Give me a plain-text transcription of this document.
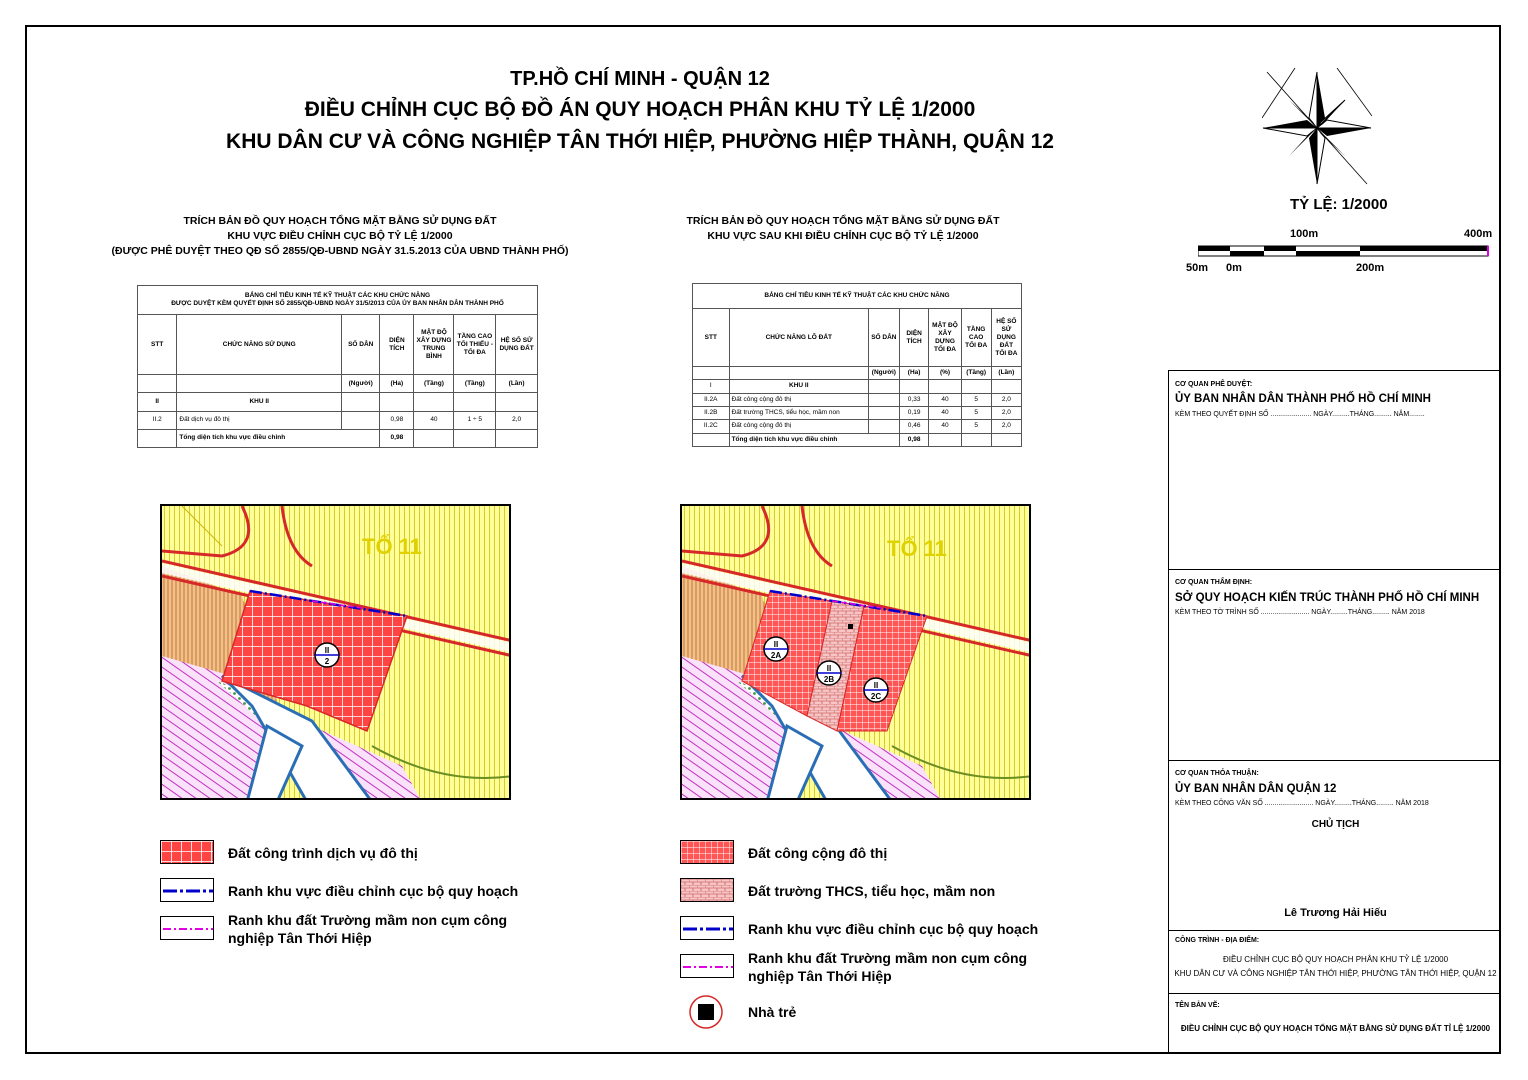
TP.HỒ CHÍ MINH - QUẬN 12
ĐIỀU CHỈNH CỤC BỘ ĐỒ ÁN QUY HOẠCH PHÂN KHU TỶ LỆ 1/2000
KHU DÂN CƯ VÀ CÔNG NGHIỆP TÂN THỚI HIỆP, PHƯỜNG HIỆP THÀNH, QUẬN 12
TỶ LỆ: 1/2000
100m	400m
50m 0m	200m
TRÍCH BẢN ĐỒ QUY HOẠCH TỔNG MẶT BẰNG SỬ DỤNG ĐẤT
KHU VỰC ĐIỀU CHỈNH CỤC BỘ TỶ LỆ 1/2000
(ĐƯỢC PHÊ DUYỆT THEO QĐ SỐ 2855/QĐ-UBND NGÀY 31.5.2013 CỦA UBND THÀNH PHỐ)
BẢNG CHỈ TIÊU KINH TẾ KỸ THUẬT CÁC KHU CHỨC NĂNG
ĐƯỢC DUYỆT KÈM QUYẾT ĐỊNH SỐ 2855/QĐ-UBND NGÀY 31/5/2013 CỦA ỦY BAN NHÂN DÂN THÀNH PHỐ						

STT	CHỨC NĂNG SỬ DỤNG	SỐ DÂN	DIỆN TÍCH	MẬT ĐỘ XÂY DỰNG TRUNG BÌNH	TẦNG CAO TỐI THIỂU - TỐI ĐA	HỆ SỐ SỬ DỤNG ĐẤT
		(Người)	(Ha)	(Tầng)	(Tầng)	(Lần)
II	KHU II					
II.2	Đất dịch vụ đô thị		0,98	40	1 ÷ 5	2,0
	Tổng diện tích khu vực điều chỉnh		0,98			
TRÍCH BẢN ĐỒ QUY HOẠCH TỔNG MẶT BẰNG SỬ DỤNG ĐẤT
KHU VỰC SAU KHI ĐIỀU CHỈNH CỤC BỘ TỶ LỆ 1/2000
BẢNG CHỈ TIÊU KINH TẾ KỸ THUẬT CÁC KHU CHỨC NĂNG						
STT	CHỨC NĂNG LÔ ĐẤT	SỐ DÂN	DIỆN TÍCH	MẬT ĐỘ XÂY DỰNG TỐI ĐA	TẦNG CAO TỐI ĐA	HỆ SỐ SỬ DỤNG ĐẤT TỐI ĐA
		(Người)	(Ha)	(%)	(Tầng)	(Lần)
I	KHU II					
II.2A	Đất công cộng đô thị		0,33	40	5	2,0
II.2B	Đất trường THCS, tiểu học, mầm non		0,19	40	5	2,0
II.2C	Đất công cộng đô thị		0,46	40	5	2,0
	Tổng diện tích khu vực điều chỉnh		0,98			
TỔ 11
II
2
TỔ 11
II
2A
II
2B
II
2C
Đất công trình dịch vụ đô thị
Ranh khu vực điều chỉnh cục bộ quy hoạch
Ranh khu đất Trường mầm non cụm công
nghiệp Tân Thới Hiệp
Đất công cộng đô thị
Đất trường THCS, tiểu học, mầm non
Ranh khu vực điều chỉnh cục bộ quy hoạch
Ranh khu đất Trường mầm non cụm công
nghiệp Tân Thới Hiệp
Nhà trẻ
CƠ QUAN PHÊ DUYỆT:
ỦY BAN NHÂN DÂN THÀNH PHỐ HỒ CHÍ MINH
KÈM THEO QUYẾT ĐỊNH SỐ ..................... NGÀY.........THÁNG......... NĂM........
CƠ QUAN THẨM ĐỊNH:
SỞ QUY HOẠCH KIẾN TRÚC THÀNH PHỐ HỒ CHÍ MINH
KÈM THEO TỜ TRÌNH SỐ ......................... NGÀY.........THÁNG......... NĂM 2018
CƠ QUAN THỎA THUẬN:
ỦY BAN NHÂN DÂN QUẬN 12
KÈM THEO CÔNG VĂN SỐ ......................... NGÀY.........THÁNG......... NĂM 2018
CHỦ TỊCH
Lê Trương Hải Hiếu
CÔNG TRÌNH - ĐỊA ĐIỂM:
ĐIỀU CHỈNH CỤC BỘ QUY HOẠCH PHÂN KHU TỶ LỆ 1/2000
KHU DÂN CƯ VÀ CÔNG NGHIỆP TÂN THỚI HIỆP, PHƯỜNG TÂN THỚI HIỆP, QUẬN 12
TÊN BẢN VẼ:
ĐIỀU CHỈNH CỤC BỘ QUY HOẠCH TỔNG MẶT BẰNG SỬ DỤNG ĐẤT TỈ LỆ 1/2000
